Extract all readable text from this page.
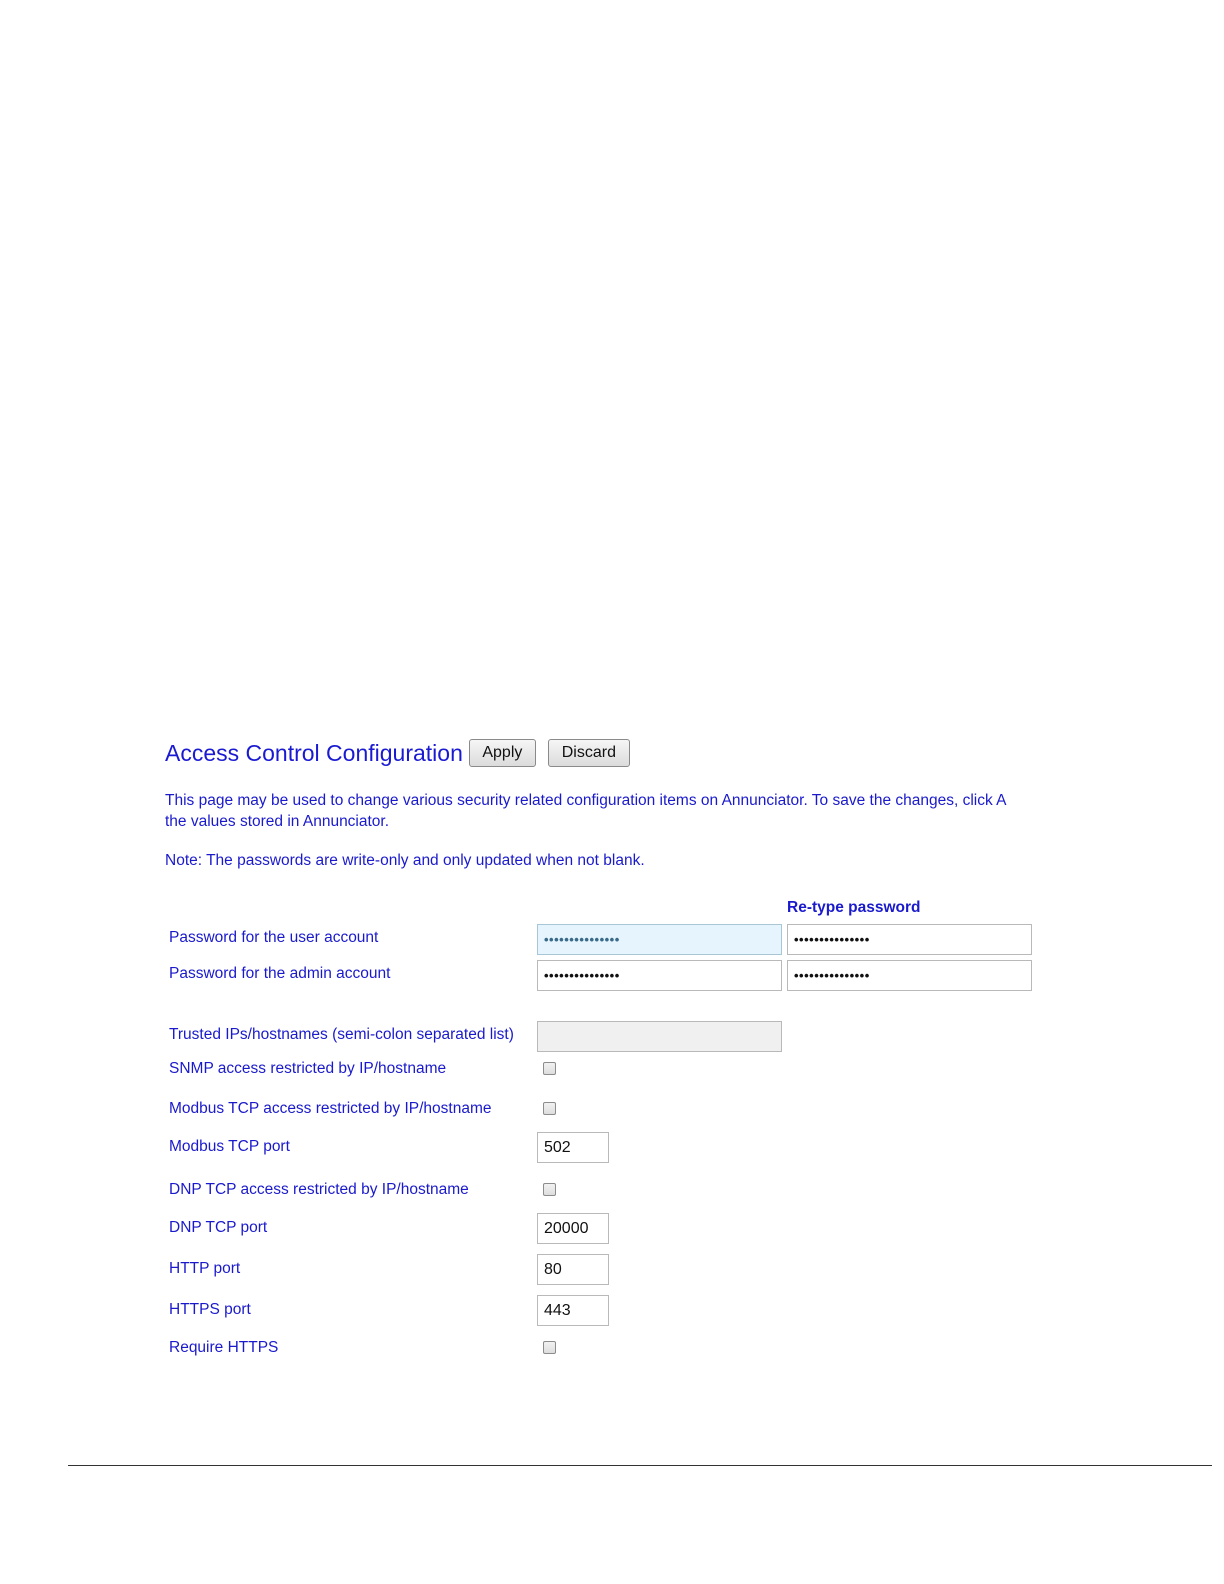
Access Control Configuration	Apply	Discard

This page may be used to change various security related configuration items on Annunciator. To save the changes, click A

the values stored in Annunciator.

Note: The passwords are write-only and only updated when not blank.
Re-type password
Password for the user account
•••••••••••••••
•••••••••••••••
Password for the admin account
•••••••••••••••
•••••••••••••••
Trusted IPs/hostnames (semi-colon separated list)
SNMP access restricted by IP/hostname
Modbus TCP access restricted by IP/hostname
Modbus TCP port
502
DNP TCP access restricted by IP/hostname
DNP TCP port
20000
HTTP port
80
HTTPS port
443
Require HTTPS
